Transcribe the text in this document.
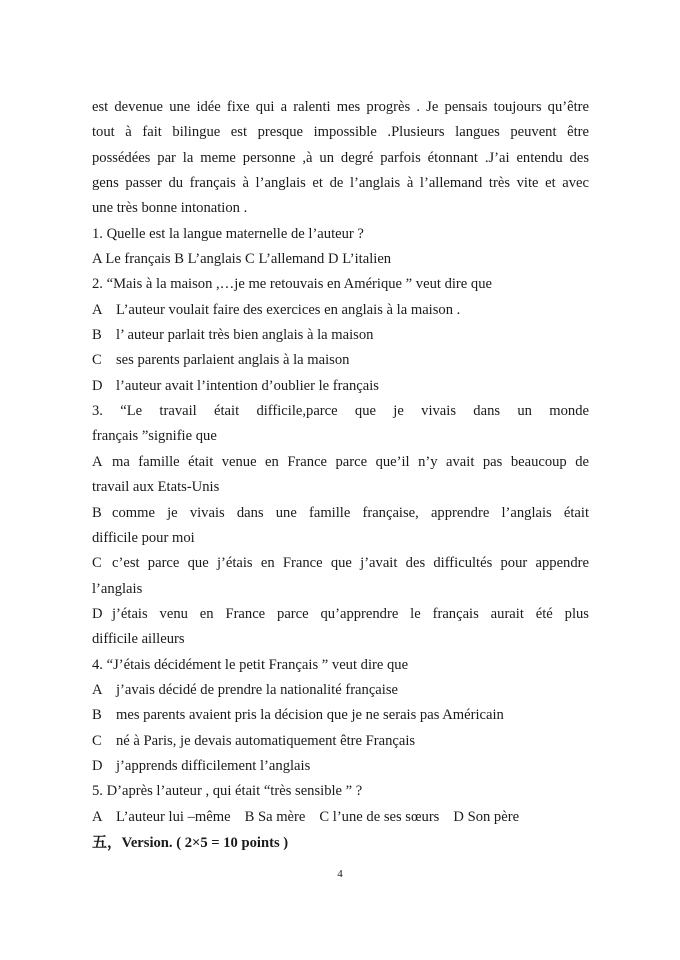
est devenue une idée fixe qui a ralenti mes progrès . Je pensais toujours qu’être
tout à fait bilingue est presque impossible .Plusieurs langues peuvent être
possédées par la meme personne ,à un degré parfois étonnant .J’ai entendu des
gens passer du français à l’anglais et de l’anglais à l’allemand très vite et avec
une très bonne intonation .
1. Quelle est la langue maternelle de l’auteur ?
A Le français B L’anglais C L’allemand D L’italien
2. “Mais à la maison ,…je me retouvais en Amérique ” veut dire que
A L’auteur voulait faire des exercices en anglais à la maison .
B l’ auteur parlait très bien anglais à la maison
C ses parents parlaient anglais à la maison
D l’auteur avait l’intention d’oublier le français
3. “Le travail était difficile,parce que je vivais dans un monde
français ”signifie que
A ma famille était venue en France parce que’il n’y avait pas beaucoup de
travail aux Etats-Unis
B comme je vivais dans une famille française, apprendre l’anglais était
difficile pour moi
C c’est parce que j’étais en France que j’avait des difficultés pour appendre
l’anglais
D j’étais venu en France parce qu’apprendre le français aurait été plus
difficile ailleurs
4. “J’étais décidément le petit Français ” veut dire que
A j’avais décidé de prendre la nationalité française
B mes parents avaient pris la décision que je ne serais pas Américain
C né à Paris, je devais automatiquement être Français
D j’apprends difficilement l’anglais
5. D’après l’auteur , qui était “très sensible ” ?
A L’auteur lui –même B Sa mère C l’une de ses sœurs D Son père
五，Version. ( 2×5 = 10 points )
4
